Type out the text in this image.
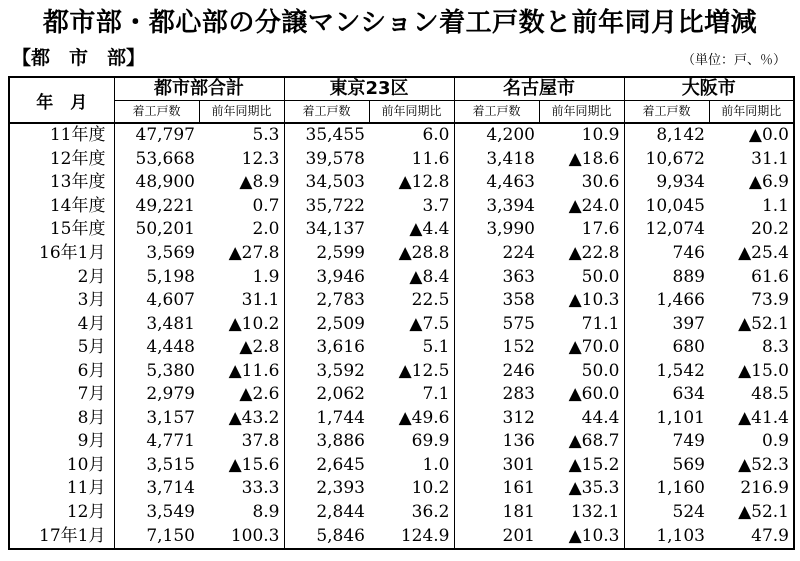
都市部・都心部の分譲マンション着工戸数と前年同月比増減
【都　市　部】	（単位：戸、％）
年　月	都市部合計		東京23区		名古屋市		大阪市	
	着工戸数	前年同期比	着工戸数	前年同期比	着工戸数	前年同期比	着工戸数	前年同期比
11年度	47,797	5.3	35,455	6.0	4,200	10.9	8,142	▲0.0
12年度	53,668	12.3	39,578	11.6	3,418	▲18.6	10,672	31.1
13年度	48,900	▲8.9	34,503	▲12.8	4,463	30.6	9,934	▲6.9
14年度	49,221	0.7	35,722	3.7	3,394	▲24.0	10,045	1.1
15年度	50,201	2.0	34,137	▲4.4	3,990	17.6	12,074	20.2
16年1月	3,569	▲27.8	2,599	▲28.8	224	▲22.8	746	▲25.4
2月	5,198	1.9	3,946	▲8.4	363	50.0	889	61.6
3月	4,607	31.1	2,783	22.5	358	▲10.3	1,466	73.9
4月	3,481	▲10.2	2,509	▲7.5	575	71.1	397	▲52.1
5月	4,448	▲2.8	3,616	5.1	152	▲70.0	680	8.3
6月	5,380	▲11.6	3,592	▲12.5	246	50.0	1,542	▲15.0
7月	2,979	▲2.6	2,062	7.1	283	▲60.0	634	48.5
8月	3,157	▲43.2	1,744	▲49.6	312	44.4	1,101	▲41.4
9月	4,771	37.8	3,886	69.9	136	▲68.7	749	0.9
10月	3,515	▲15.6	2,645	1.0	301	▲15.2	569	▲52.3
11月	3,714	33.3	2,393	10.2	161	▲35.3	1,160	216.9
12月	3,549	8.9	2,844	36.2	181	132.1	524	▲52.1
17年1月	7,150	100.3	5,846	124.9	201	▲10.3	1,103	47.9
